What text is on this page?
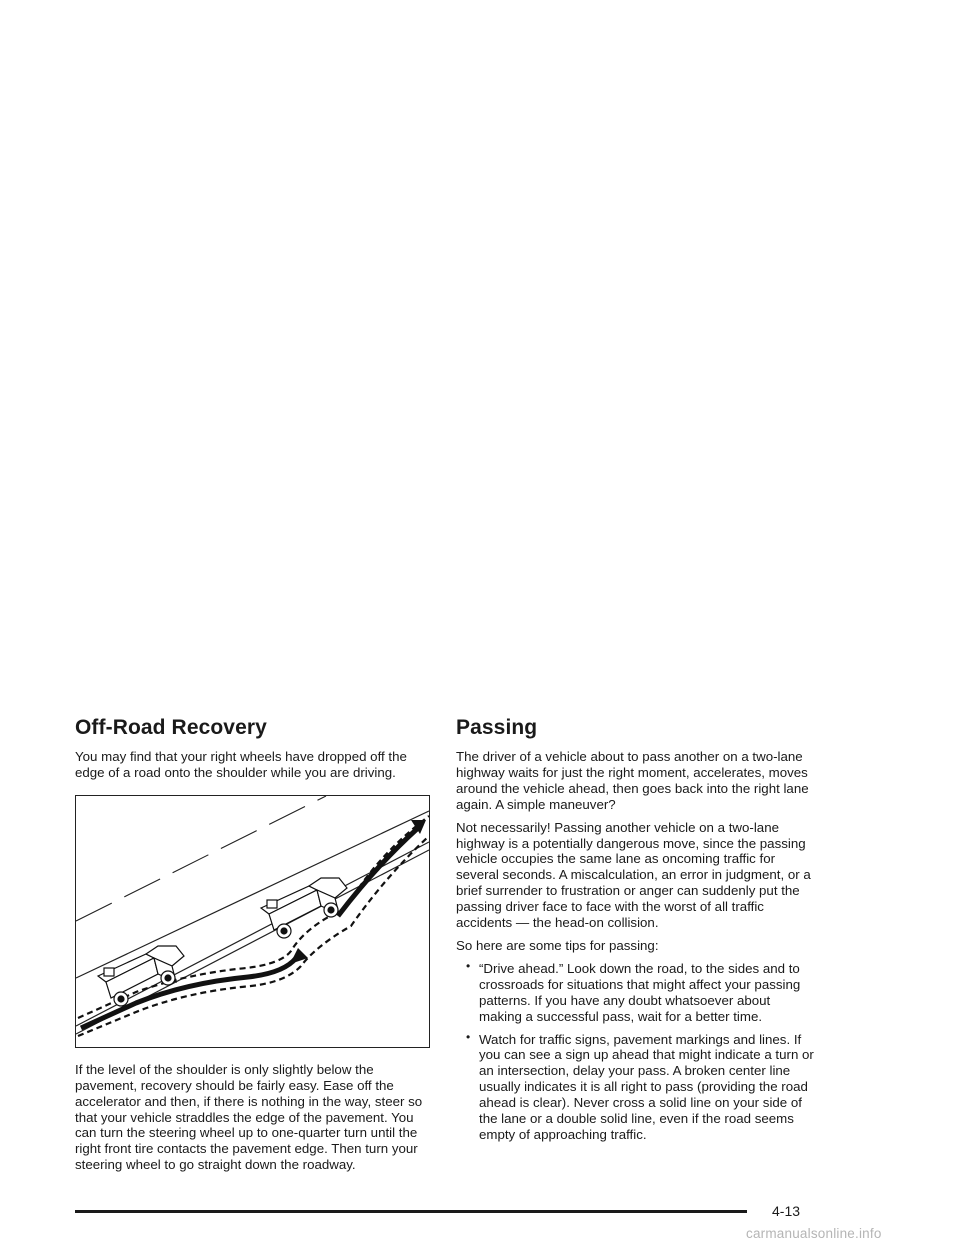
Off-Road Recovery

You may find that your right wheels have dropped off the edge of a road onto the shoulder while you are driving.

If the level of the shoulder is only slightly below the pavement, recovery should be fairly easy. Ease off the accelerator and then, if there is nothing in the way, steer so that your vehicle straddles the edge of the pavement. You can turn the steering wheel up to one-quarter turn until the right front tire contacts the pavement edge. Then turn your steering wheel to go straight down the roadway.

Passing

The driver of a vehicle about to pass another on a two-lane highway waits for just the right moment, accelerates, moves around the vehicle ahead, then goes back into the right lane again. A simple maneuver?

Not necessarily! Passing another vehicle on a two-lane highway is a potentially dangerous move, since the passing vehicle occupies the same lane as oncoming traffic for several seconds. A miscalculation, an error in judgment, or a brief surrender to frustration or anger can suddenly put the passing driver face to face with the worst of all traffic accidents — the head-on collision.

So here are some tips for passing:

• “Drive ahead.” Look down the road, to the sides and to crossroads for situations that might affect your passing patterns. If you have any doubt whatsoever about making a successful pass, wait for a better time.
• Watch for traffic signs, pavement markings and lines. If you can see a sign up ahead that might indicate a turn or an intersection, delay your pass. A broken center line usually indicates it is all right to pass (providing the road ahead is clear). Never cross a solid line on your side of the lane or a double solid line, even if the road seems empty of approaching traffic.
4-13
carmanualsonline.info
